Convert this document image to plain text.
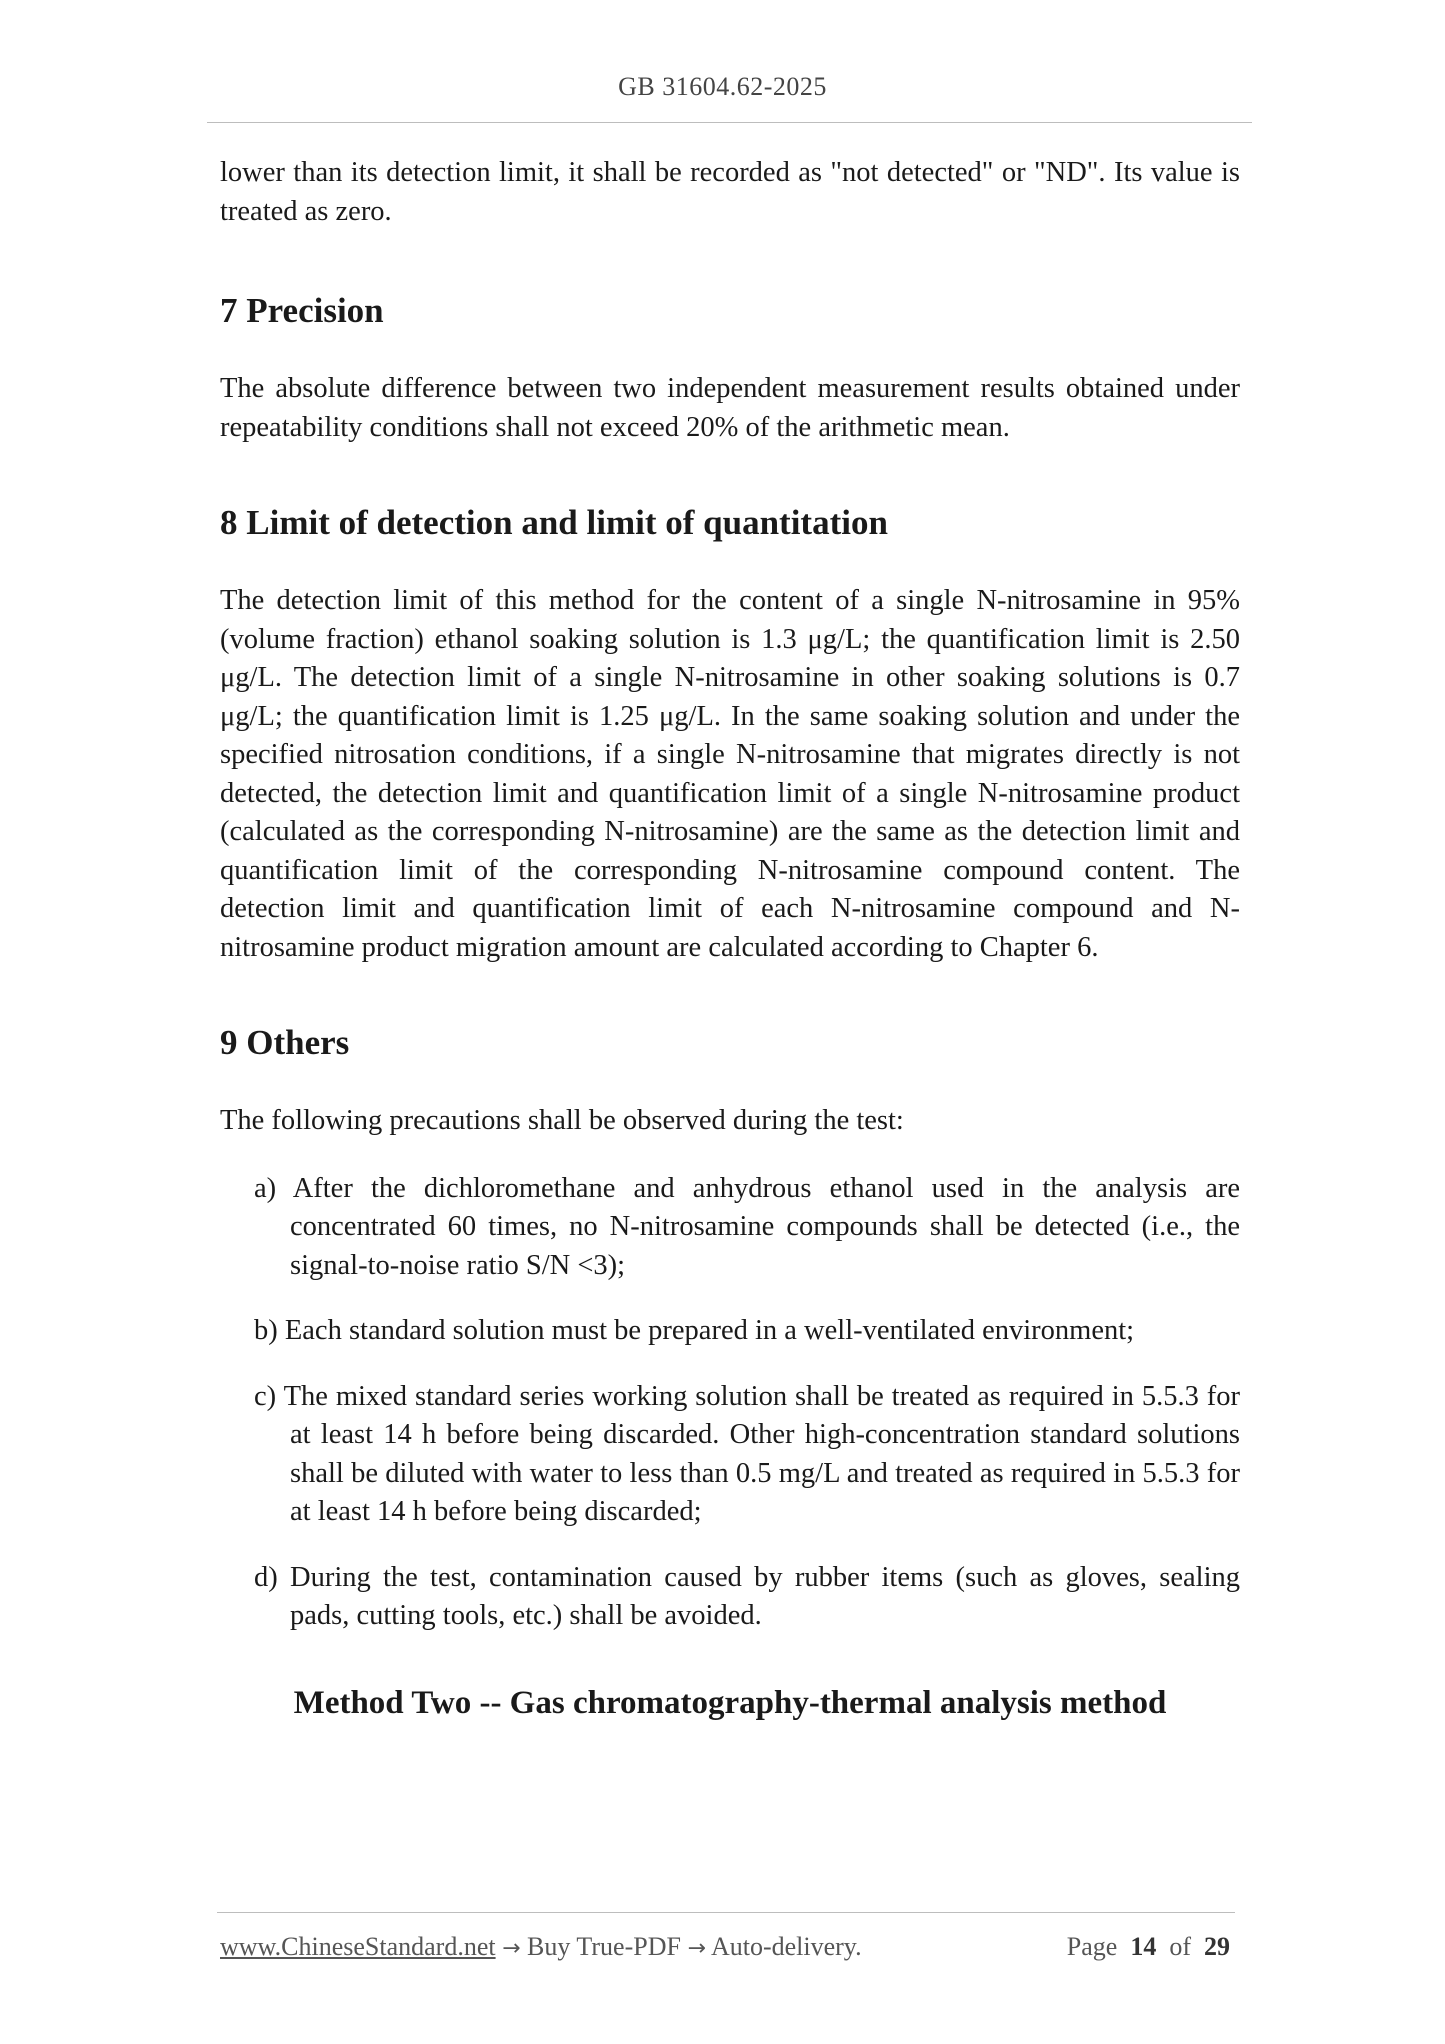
GB 31604.62-2025

lower than its detection limit, it shall be recorded as "not detected" or "ND". Its value is treated as zero.

7 Precision

The absolute difference between two independent measurement results obtained under repeatability conditions shall not exceed 20% of the arithmetic mean.

8 Limit of detection and limit of quantitation

The detection limit of this method for the content of a single N-nitrosamine in 95% (volume fraction) ethanol soaking solution is 1.3 μg/L; the quantification limit is 2.50 μg/L. The detection limit of a single N-nitrosamine in other soaking solutions is 0.7 μg/L; the quantification limit is 1.25 μg/L. In the same soaking solution and under the specified nitrosation conditions, if a single N-nitrosamine that migrates directly is not detected, the detection limit and quantification limit of a single N-nitrosamine product (calculated as the corresponding N-nitrosamine) are the same as the detection limit and quantification limit of the corresponding N-nitrosamine compound content. The detection limit and quantification limit of each N-nitrosamine compound and N-nitrosamine product migration amount are calculated according to Chapter 6.

9 Others

The following precautions shall be observed during the test:

a) After the dichloromethane and anhydrous ethanol used in the analysis are concentrated 60 times, no N-nitrosamine compounds shall be detected (i.e., the signal-to-noise ratio S/N <3);
b) Each standard solution must be prepared in a well-ventilated environment;
c) The mixed standard series working solution shall be treated as required in 5.5.3 for at least 14 h before being discarded. Other high-concentration standard solutions shall be diluted with water to less than 0.5 mg/L and treated as required in 5.5.3 for at least 14 h before being discarded;
d) During the test, contamination caused by rubber items (such as gloves, sealing pads, cutting tools, etc.) shall be avoided.
Method Two -- Gas chromatography-thermal analysis method
www.ChineseStandard.net → Buy True-PDF → Auto-delivery.	Page 14 of 29
